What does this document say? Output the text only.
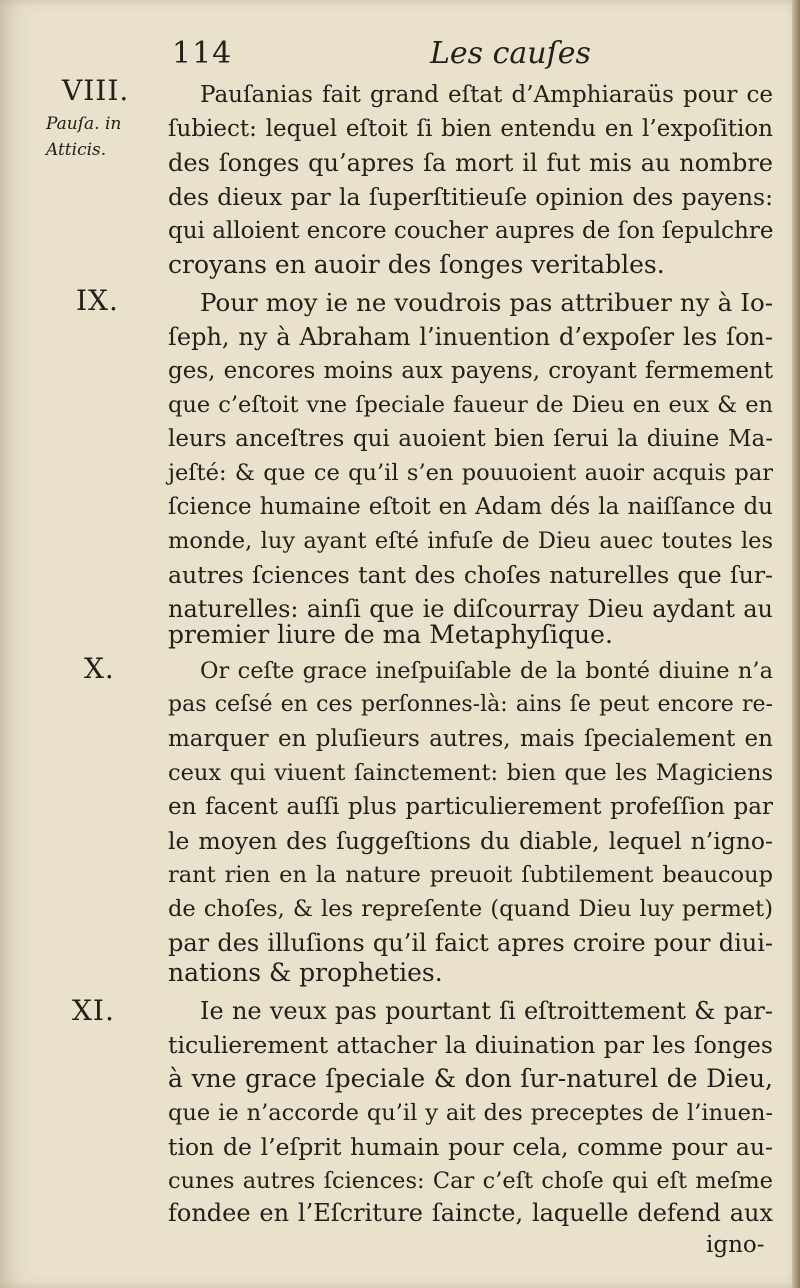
114	Les cauſes
VIII.
Pauſa. in
Atticis.
IX.
X.
XI.
Pauſanias fait grand eſtat d’Amphiaraüs pour ce
ſubiect: lequel eſtoit ſi bien entendu en l’expoſition
des ſonges qu’apres ſa mort il fut mis au nombre
des dieux par la ſuperſtitieuſe opinion des payens:
qui alloient encore coucher aupres de ſon ſepulchre
croyans en auoir des ſonges veritables.
Pour moy ie ne voudrois pas attribuer ny à Io-
ſeph, ny à Abraham l’inuention d’expoſer les ſon-
ges, encores moins aux payens, croyant fermement
que c’eſtoit vne ſpeciale faueur de Dieu en eux & en
leurs anceſtres qui auoient bien ſerui la diuine Ma-
jeſté: & que ce qu’il s’en pouuoient auoir acquis par
ſcience humaine eſtoit en Adam dés la naiſſance du
monde, luy ayant eſté infuſe de Dieu auec toutes les
autres ſciences tant des choſes naturelles que ſur-
naturelles: ainſi que ie diſcourray Dieu aydant au
premier liure de ma Metaphyſique.
Or ceſte grace ineſpuiſable de la bonté diuine n’a
pas ceſsé en ces perſonnes-là: ains ſe peut encore re-
marquer en pluſieurs autres, mais ſpecialement en
ceux qui viuent ſainctement: bien que les Magiciens
en facent auſſi plus particulierement profeſſion par
le moyen des ſuggeſtions du diable, lequel n’igno-
rant rien en la nature preuoit ſubtilement beaucoup
de choſes, & les repreſente (quand Dieu luy permet)
par des illuſions qu’il faict apres croire pour diui-
nations & propheties.
Ie ne veux pas pourtant ſi eſtroittement & par-
ticulierement attacher la diuination par les ſonges
à vne grace ſpeciale & don ſur-naturel de Dieu,
que ie n’accorde qu’il y ait des preceptes de l’inuen-
tion de l’eſprit humain pour cela, comme pour au-
cunes autres ſciences: Car c’eſt choſe qui eſt meſme
fondee en l’Eſcriture ſaincte, laquelle defend aux
igno-
